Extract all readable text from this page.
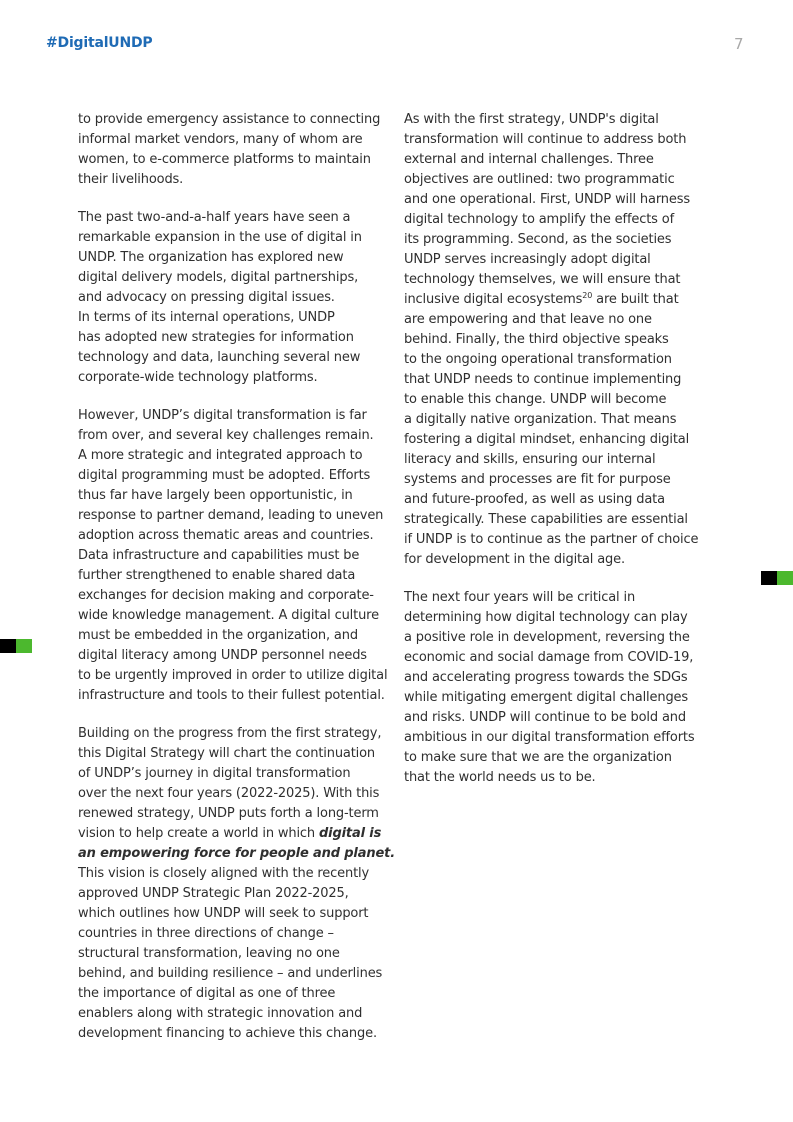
#DigitalUNDP	7
to provide emergency assistance to connecting
informal market vendors, many of whom are
women, to e-commerce platforms to maintain
their livelihoods.
The past two-and-a-half years have seen a
remarkable expansion in the use of digital in
UNDP. The organization has explored new
digital delivery models, digital partnerships,
and advocacy on pressing digital issues.
In terms of its internal operations, UNDP
has adopted new strategies for information
technology and data, launching several new
corporate-wide technology platforms.
However, UNDP’s digital transformation is far
from over, and several key challenges remain.
A more strategic and integrated approach to
digital programming must be adopted. Efforts
thus far have largely been opportunistic, in
response to partner demand, leading to uneven
adoption across thematic areas and countries.
Data infrastructure and capabilities must be
further strengthened to enable shared data
exchanges for decision making and corporate-
wide knowledge management. A digital culture
must be embedded in the organization, and
digital literacy among UNDP personnel needs
to be urgently improved in order to utilize digital
infrastructure and tools to their fullest potential.
Building on the progress from the first strategy,
this Digital Strategy will chart the continuation
of UNDP’s journey in digital transformation
over the next four years (2022-2025). With this
renewed strategy, UNDP puts forth a long-term
vision to help create a world in which digital is
an empowering force for people and planet.
This vision is closely aligned with the recently
approved UNDP Strategic Plan 2022-2025,
which outlines how UNDP will seek to support
countries in three directions of change –
structural transformation, leaving no one
behind, and building resilience – and underlines
the importance of digital as one of three
enablers along with strategic innovation and
development financing to achieve this change.
As with the first strategy, UNDP's digital
transformation will continue to address both
external and internal challenges. Three
objectives are outlined: two programmatic
and one operational. First, UNDP will harness
digital technology to amplify the effects of
its programming. Second, as the societies
UNDP serves increasingly adopt digital
technology themselves, we will ensure that
inclusive digital ecosystems$^{20}$ are built that
are empowering and that leave no one
behind. Finally, the third objective speaks
to the ongoing operational transformation
that UNDP needs to continue implementing
to enable this change. UNDP will become
a digitally native organization. That means
fostering a digital mindset, enhancing digital
literacy and skills, ensuring our internal
systems and processes are fit for purpose
and future-proofed, as well as using data
strategically. These capabilities are essential
if UNDP is to continue as the partner of choice
for development in the digital age.
The next four years will be critical in
determining how digital technology can play
a positive role in development, reversing the
economic and social damage from COVID-19,
and accelerating progress towards the SDGs
while mitigating emergent digital challenges
and risks. UNDP will continue to be bold and
ambitious in our digital transformation efforts
to make sure that we are the organization
that the world needs us to be.
